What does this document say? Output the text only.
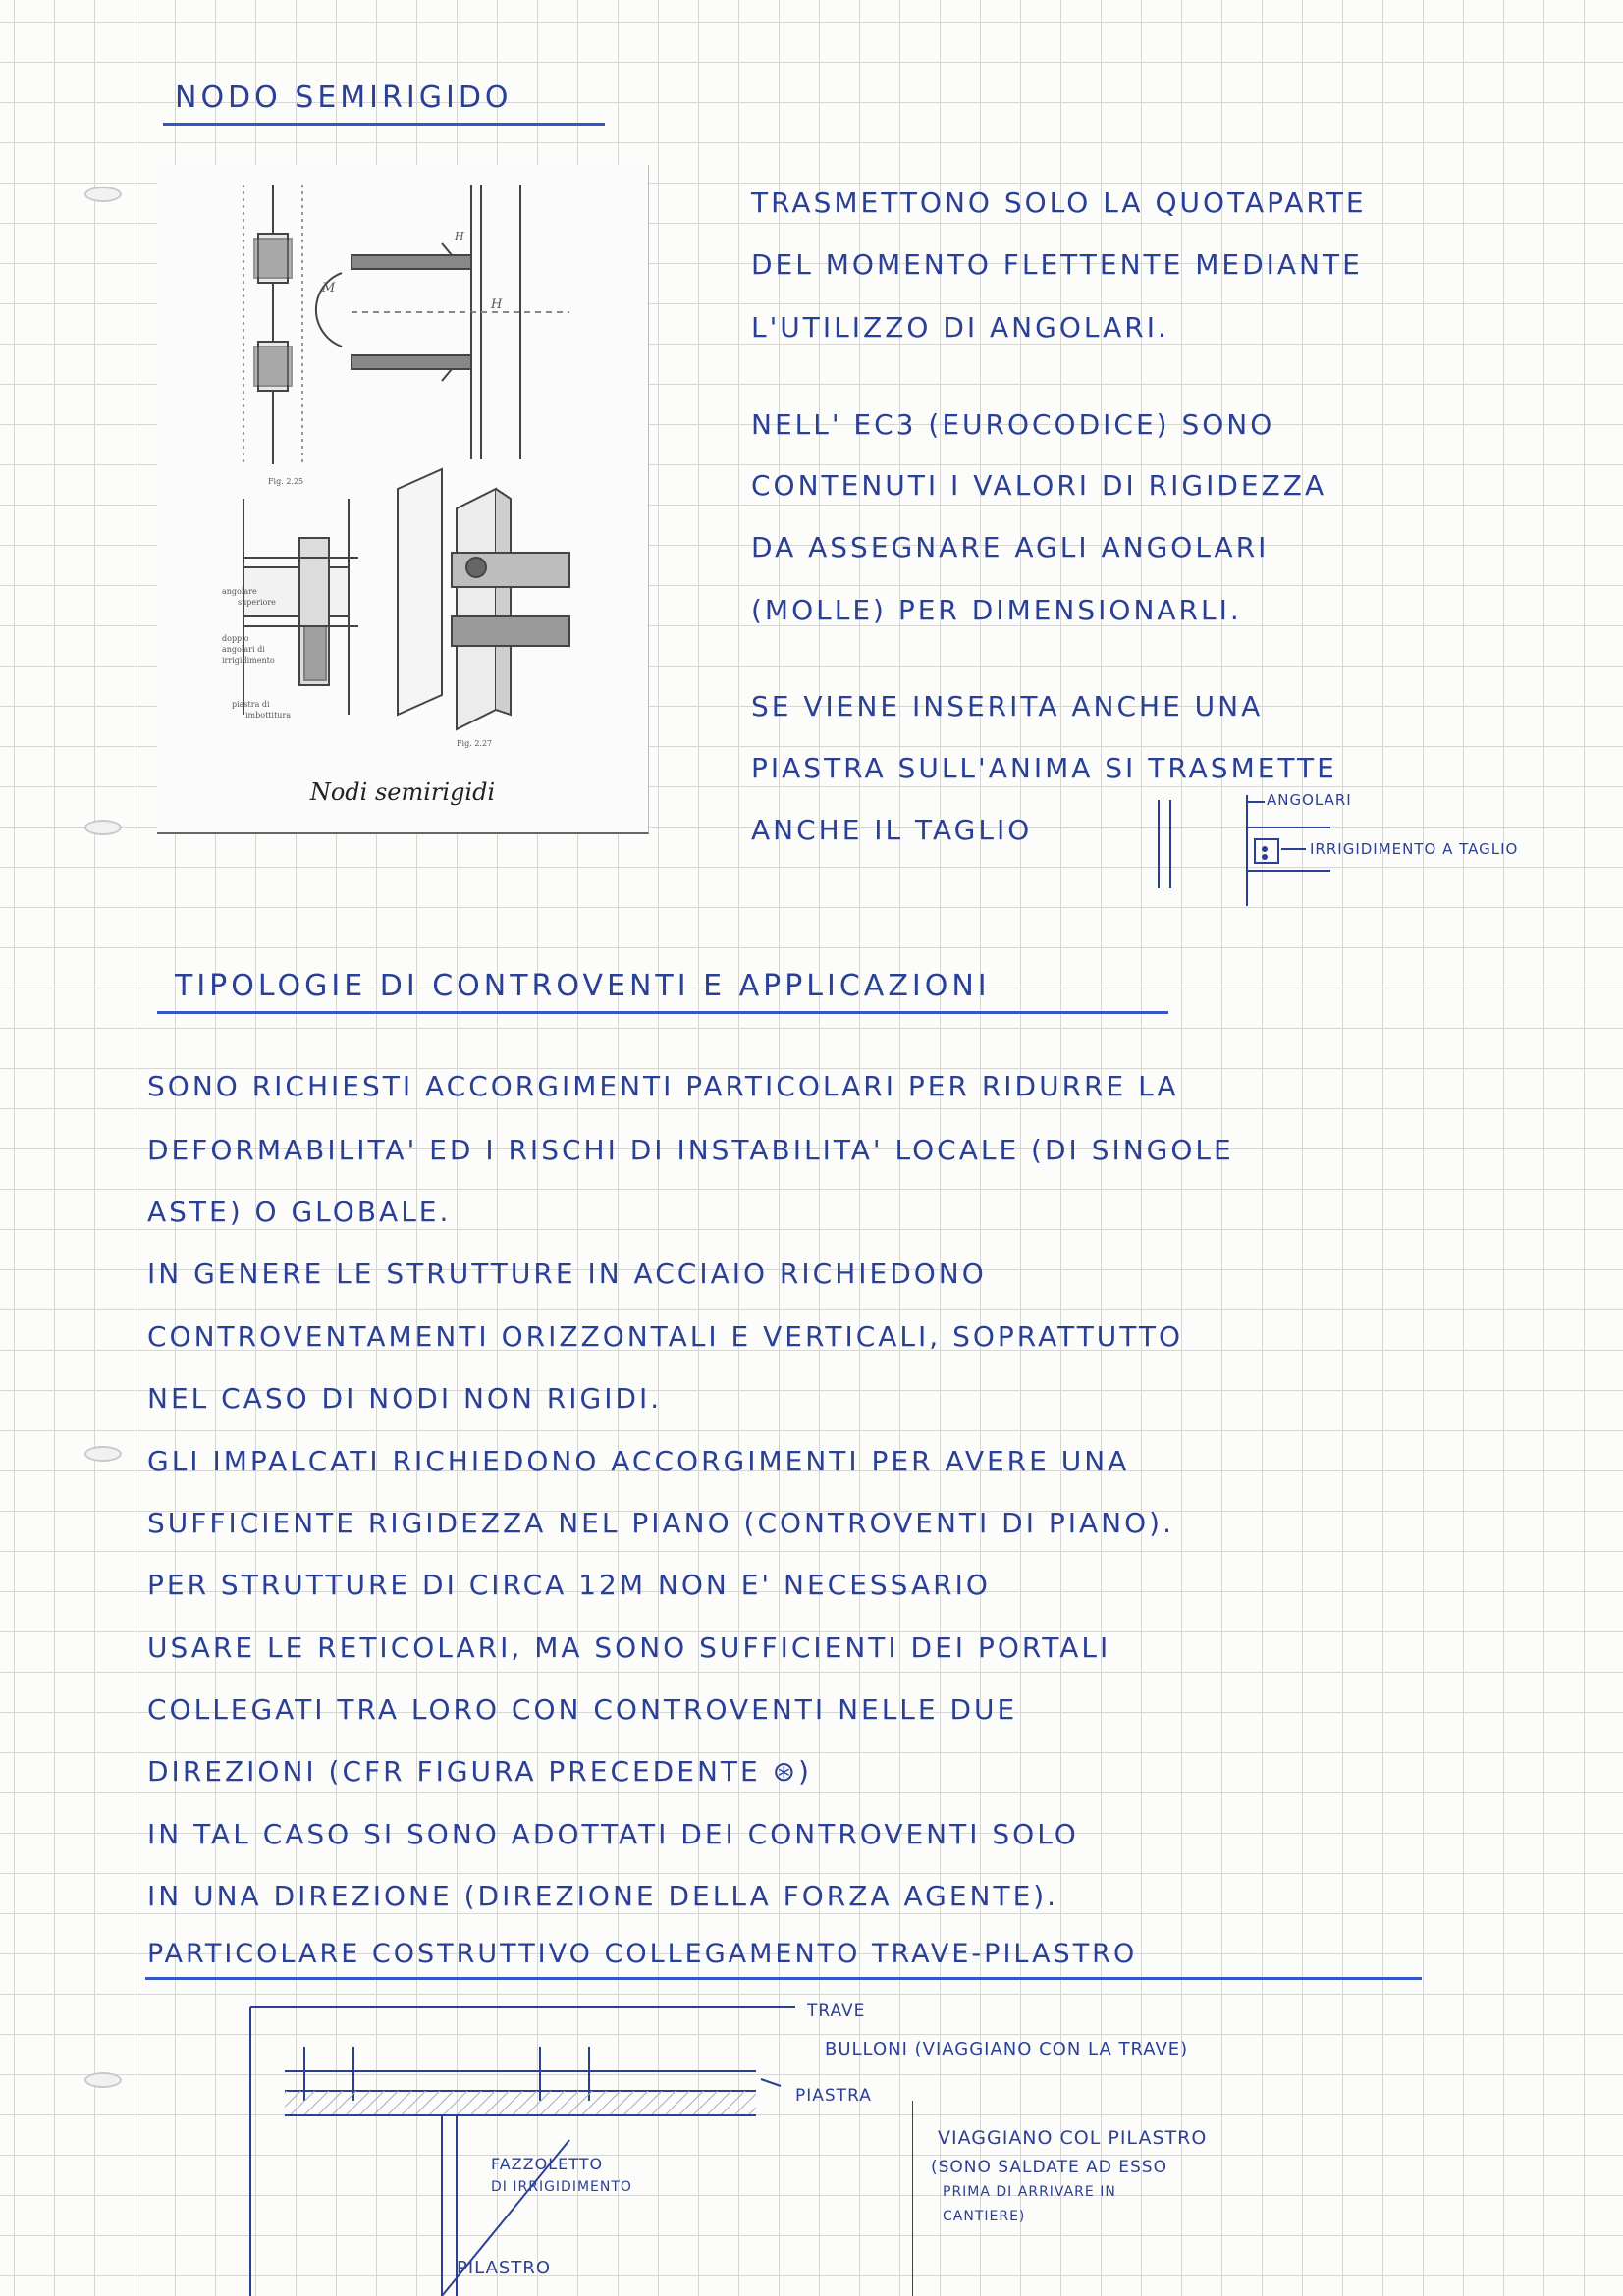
NODO SEMIRIGIDO
Fig. 2.25
Fig. 2.27
M
H
H
angolare
superiore
doppio
angolari di
irrigidimento
piastra di
imbottitura
Nodi semirigidi
TRASMETTONO SOLO LA QUOTAPARTE
DEL MOMENTO FLETTENTE MEDIANTE
L'UTILIZZO DI ANGOLARI.
NELL' EC3 (EUROCODICE) SONO
CONTENUTI I VALORI DI RIGIDEZZA
DA ASSEGNARE AGLI ANGOLARI
(MOLLE) PER DIMENSIONARLI.
SE VIENE INSERITA ANCHE UNA
PIASTRA SULL'ANIMA SI TRASMETTE
ANCHE IL TAGLIO
ANGOLARI
IRRIGIDIMENTO A TAGLIO
TIPOLOGIE DI CONTROVENTI E APPLICAZIONI
SONO RICHIESTI ACCORGIMENTI PARTICOLARI PER RIDURRE LA
DEFORMABILITA' ED I RISCHI DI INSTABILITA' LOCALE (DI SINGOLE
ASTE) O GLOBALE.
IN GENERE LE STRUTTURE IN ACCIAIO RICHIEDONO
CONTROVENTAMENTI ORIZZONTALI E VERTICALI, SOPRATTUTTO
NEL CASO DI NODI NON RIGIDI.
GLI IMPALCATI RICHIEDONO ACCORGIMENTI PER AVERE UNA
SUFFICIENTE RIGIDEZZA NEL PIANO (CONTROVENTI DI PIANO).
PER STRUTTURE DI CIRCA 12M NON E' NECESSARIO
USARE LE RETICOLARI, MA SONO SUFFICIENTI DEI PORTALI
COLLEGATI TRA LORO CON CONTROVENTI NELLE DUE
DIREZIONI (CFR FIGURA PRECEDENTE ⊛)
IN TAL CASO SI SONO ADOTTATI DEI CONTROVENTI SOLO
IN UNA DIREZIONE (DIREZIONE DELLA FORZA AGENTE).
PARTICOLARE COSTRUTTIVO COLLEGAMENTO TRAVE-PILASTRO
TRAVE
BULLONI (VIAGGIANO CON LA TRAVE)
PIASTRA
VIAGGIANO COL PILASTRO
(SONO SALDATE AD ESSO
PRIMA DI ARRIVARE IN
CANTIERE)
FAZZOLETTO
DI IRRIGIDIMENTO
PILASTRO
